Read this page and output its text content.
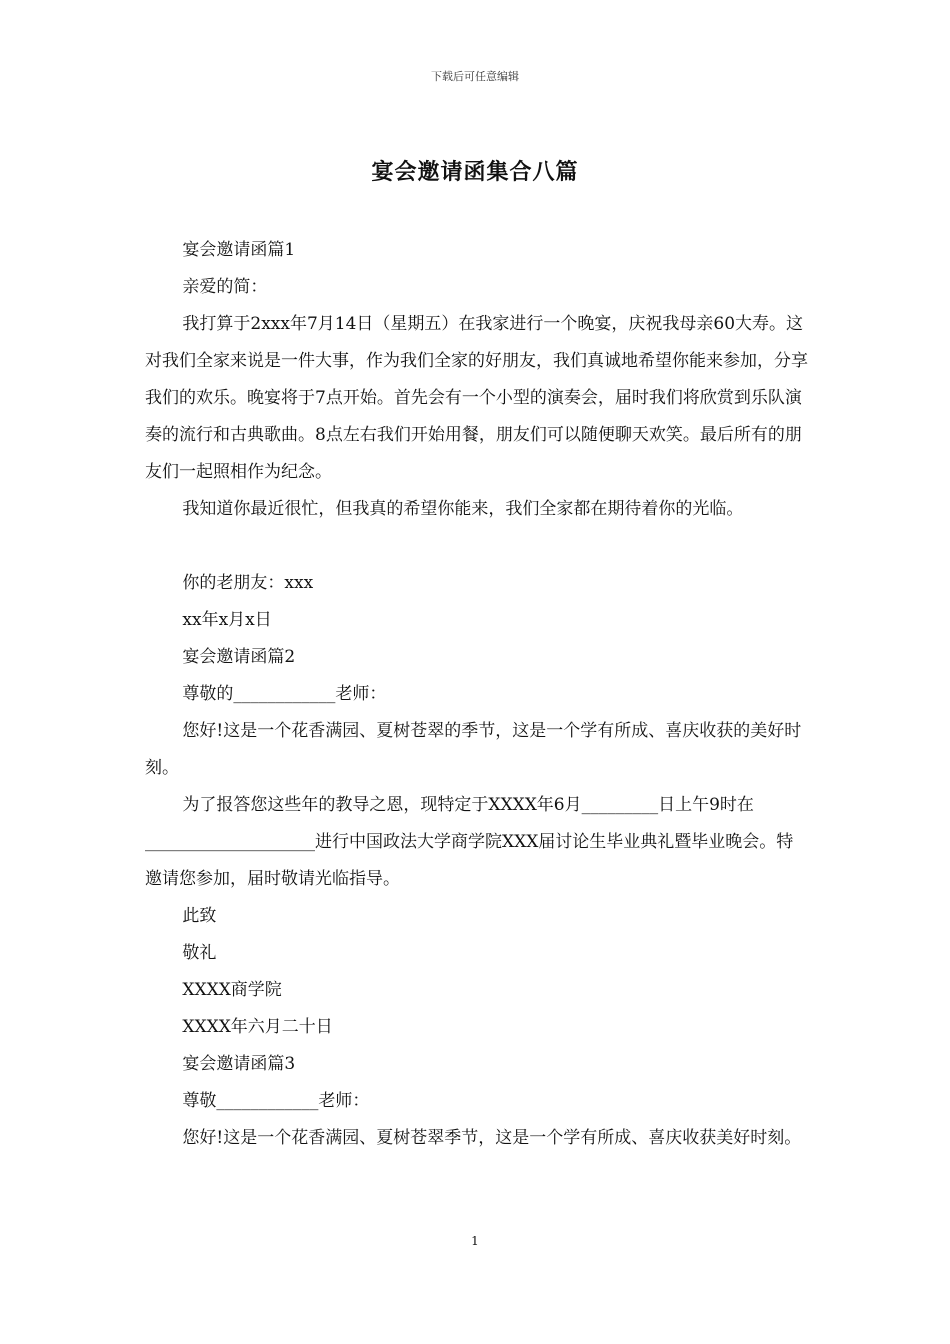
下载后可任意编辑
宴会邀请函集合八篇

宴会邀请函篇1

亲爱的简：

我打算于2xxx年7月14日（星期五）在我家进行一个晚宴，庆祝我母亲60大寿。这对我们全家来说是一件大事，作为我们全家的好朋友，我们真诚地希望你能来参加，分享我们的欢乐。晚宴将于7点开始。首先会有一个小型的演奏会，届时我们将欣赏到乐队演奏的流行和古典歌曲。8点左右我们开始用餐，朋友们可以随便聊天欢笑。最后所有的朋友们一起照相作为纪念。

我知道你最近很忙，但我真的希望你能来，我们全家都在期待着你的光临。

你的老朋友：xxx

xx年x月x日

宴会邀请函篇2

尊敬的____________老师：

您好!这是一个花香满园、夏树苍翠的季节，这是一个学有所成、喜庆收获的美好时刻。

为了报答您这些年的教导之恩，现特定于XXXX年6月_________日上午9时在____________________进行中国政法大学商学院XXX届讨论生毕业典礼暨毕业晚会。特邀请您参加，届时敬请光临指导。

此致

敬礼

XXXX商学院

XXXX年六月二十日

宴会邀请函篇3

尊敬____________老师：

您好!这是一个花香满园、夏树苍翠季节，这是一个学有所成、喜庆收获美好时刻。

1
